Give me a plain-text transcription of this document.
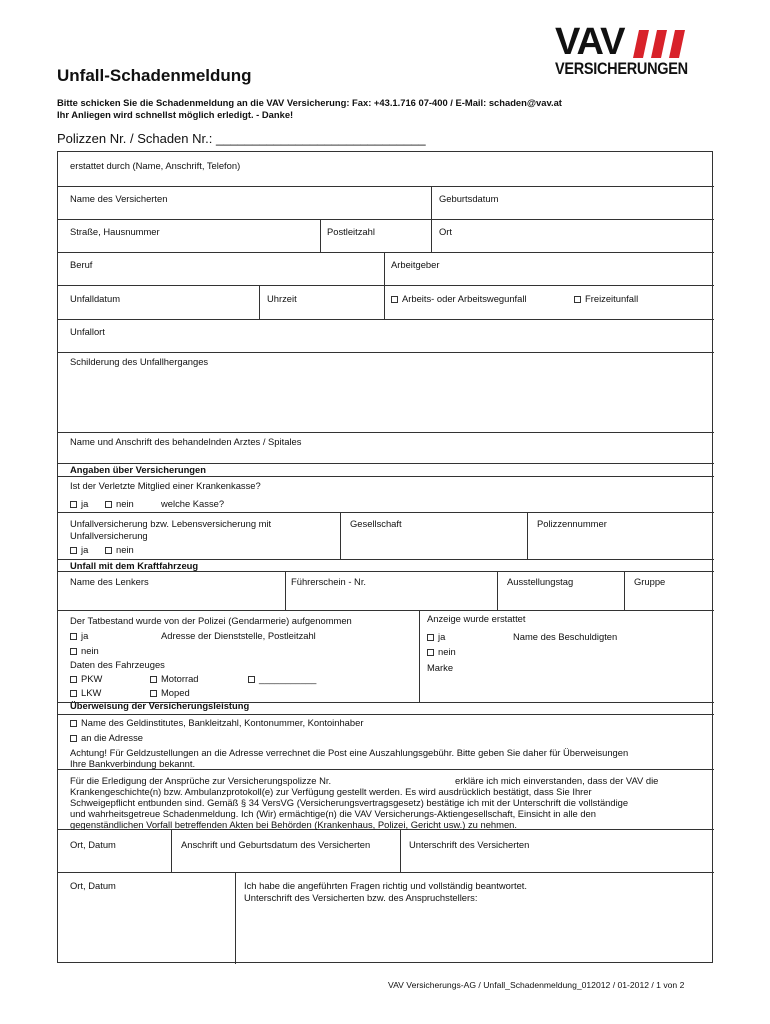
VAV
VERSICHERUNGEN
Unfall-Schadenmeldung
Bitte schicken Sie die Schadenmeldung an die VAV Versicherung: Fax: +43.1.716 07-400 / E-Mail: schaden@vav.at
Ihr Anliegen wird schnellst möglich erledigt. - Danke!
Polizzen Nr. / Schaden Nr.: _____________________________
erstattet durch (Name, Anschrift, Telefon)
Name des Versicherten	Geburtsdatum
Straße, Hausnummer	Postleitzahl	Ort
Beruf	Arbeitgeber
Unfalldatum	Uhrzeit	Arbeits- oder Arbeitswegunfall	Freizeitunfall
Unfallort
Schilderung des Unfallherganges
Name und Anschrift des behandelnden Arztes / Spitales
Angaben über Versicherungen
Ist der Verletzte Mitglied einer Krankenkasse?
ja	nein	welche Kasse?
Unfallversicherung bzw. Lebensversicherung mit Unfallversicherung
ja	nein
Gesellschaft	Polizzennummer
Unfall mit dem Kraftfahrzeug
Name des Lenkers	Führerschein - Nr.	Ausstellungstag	Gruppe
Der Tatbestand wurde von der Polizei (Gendarmerie) aufgenommen
ja	Adresse der Dienststelle, Postleitzahl
nein
Daten des Fahrzeuges
PKW	Motorrad	___________
LKW	Moped
Anzeige wurde erstattet
ja	Name des Beschuldigten
nein
Marke
Überweisung der Versicherungsleistung
Name des Geldinstitutes, Bankleitzahl, Kontonummer, Kontoinhaber
an die Adresse
Achtung! Für Geldzustellungen an die Adresse verrechnet die Post eine Auszahlungsgebühr. Bitte geben Sie daher für Überweisungen
Ihre Bankverbindung bekannt.
Für die Erledigung der Ansprüche zur Versicherungspolizze Nr.	erkläre ich mich einverstanden, dass der VAV die
Krankengeschichte(n) bzw. Ambulanzprotokoll(e) zur Verfügung gestellt werden. Es wird ausdrücklich bestätigt, dass Sie Ihrer
Schweigepflicht entbunden sind. Gemäß § 34 VersVG (Versicherungsvertragsgesetz) bestätige ich mit der Unterschrift die vollständige
und wahrheitsgetreue Schadenmeldung. Ich (Wir) ermächtige(n) die VAV Versicherungs-Aktiengesellschaft, Einsicht in alle den
gegenständlichen Vorfall betreffenden Akten bei Behörden (Krankenhaus, Polizei, Gericht usw.) zu nehmen.
Ort, Datum	Anschrift und Geburtsdatum des Versicherten	Unterschrift des Versicherten
Ort, Datum	Ich habe die angeführten Fragen richtig und vollständig beantwortet.
Unterschrift des Versicherten bzw. des Anspruchstellers:
VAV Versicherungs-AG / Unfall_Schadenmeldung_012012 / 01-2012 / 1 von 2
